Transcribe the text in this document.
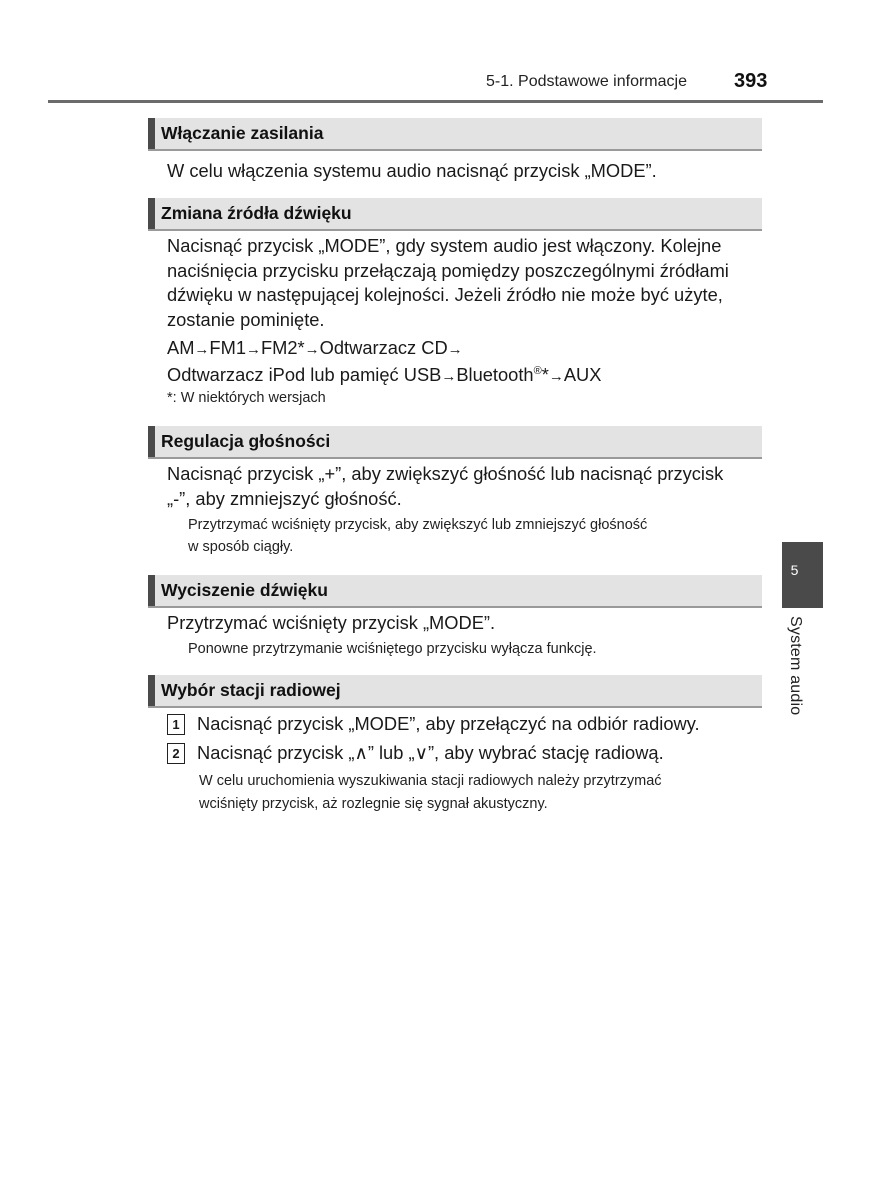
5-1. Podstawowe informacje 393
Włączanie zasilania
W celu włączenia systemu audio nacisnąć przycisk „MODE”.
Zmiana źródła dźwięku
Nacisnąć przycisk „MODE”, gdy system audio jest włączony. Kolejne
naciśnięcia przycisku przełączają pomiędzy poszczególnymi źródłami
dźwięku w następującej kolejności. Jeżeli źródło nie może być użyte,
zostanie pominięte.
AM→FM1→FM2*→Odtwarzacz CD→
Odtwarzacz iPod lub pamięć USB→Bluetooth®*→AUX
*: W niektórych wersjach
Regulacja głośności
Nacisnąć przycisk „+”, aby zwiększyć głośność lub nacisnąć przycisk
„-”, aby zmniejszyć głośność.
Przytrzymać wciśnięty przycisk, aby zwiększyć lub zmniejszyć głośność
w sposób ciągły.
Wyciszenie dźwięku
Przytrzymać wciśnięty przycisk „MODE”.
Ponowne przytrzymanie wciśniętego przycisku wyłącza funkcję.
Wybór stacji radiowej
1 Nacisnąć przycisk „MODE”, aby przełączyć na odbiór radiowy.
2 Nacisnąć przycisk „∧” lub „∨”, aby wybrać stację radiową.
W celu uruchomienia wyszukiwania stacji radiowych należy przytrzymać
wciśnięty przycisk, aż rozlegnie się sygnał akustyczny.
5
System audio
